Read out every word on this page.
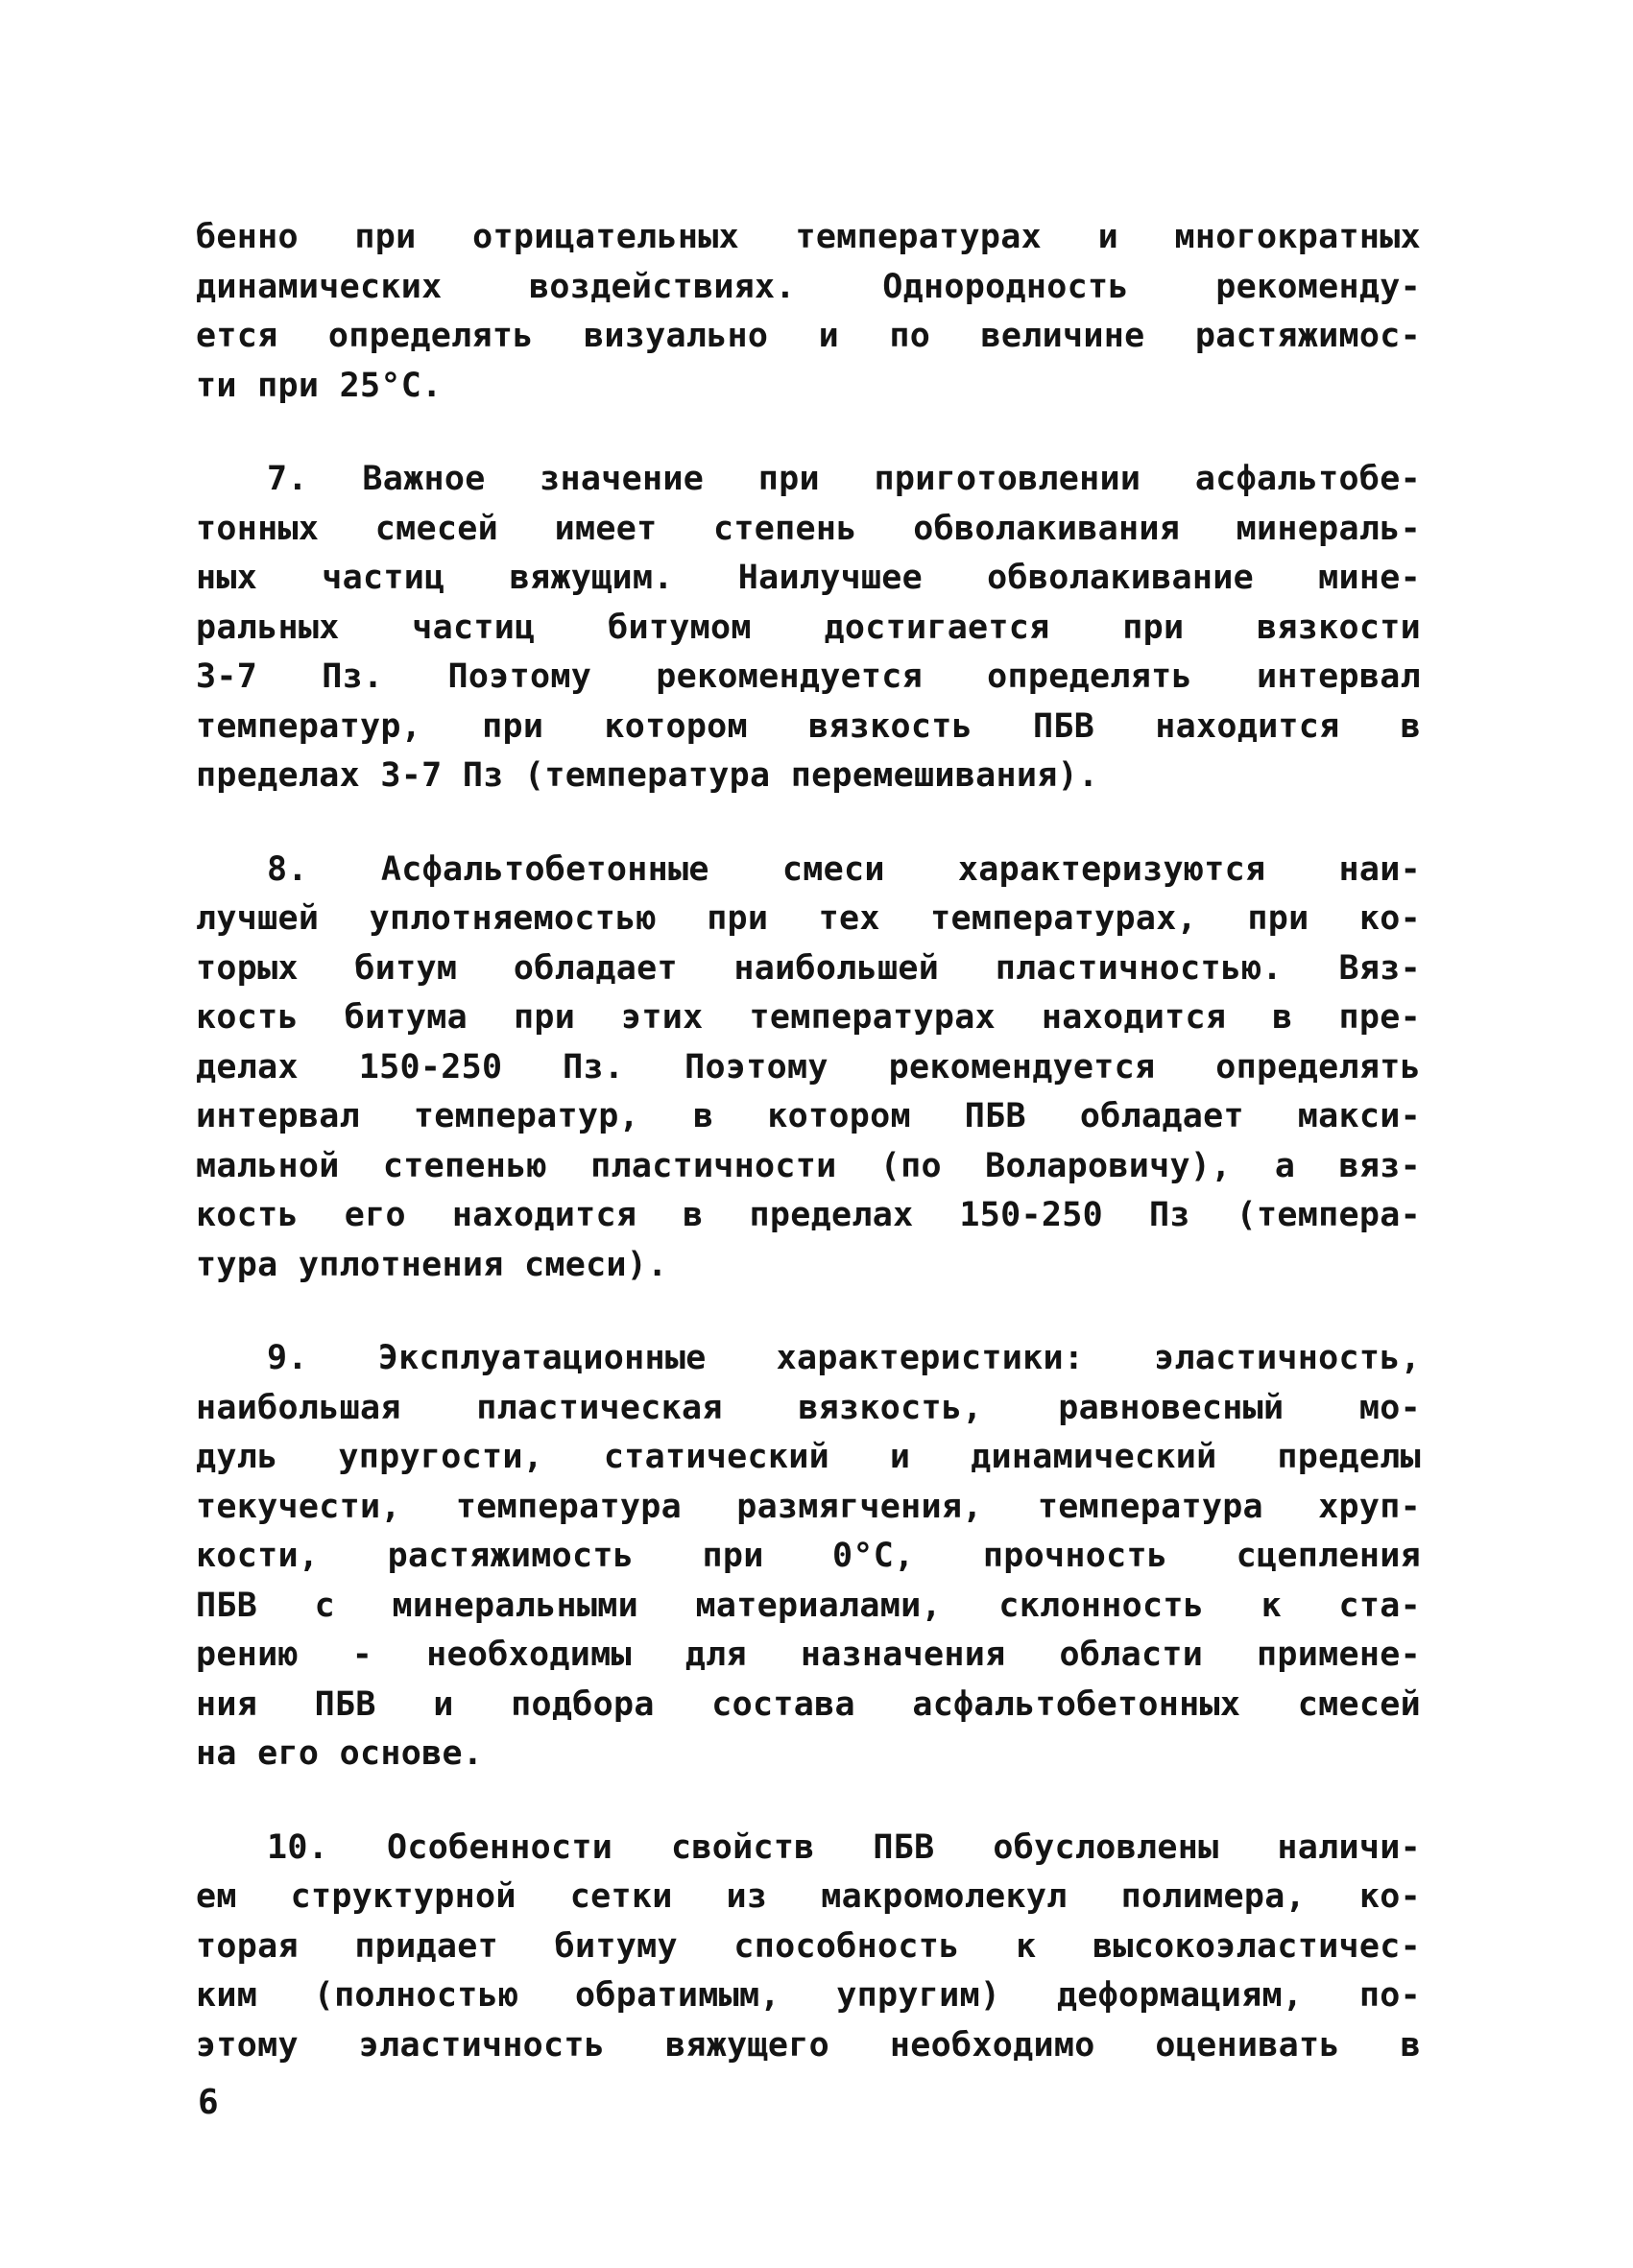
бенно при отрицательных температурах и многократных
динамических воздействиях. Однородность рекоменду-
ется определять визуально и по величине растяжимос-
ти при 25°С.

7. Важное значение при приготовлении асфальтобе-
тонных смесей имеет степень обволакивания минераль-
ных частиц вяжущим. Наилучшее обволакивание мине-
ральных частиц битумом достигается при вязкости
3-7 Пз. Поэтому рекомендуется определять интервал
температур, при котором вязкость ПБВ находится в
пределах 3-7 Пз (температура перемешивания).

8. Асфальтобетонные смеси характеризуются наи-
лучшей уплотняемостью при тех температурах, при ко-
торых битум обладает наибольшей пластичностью. Вяз-
кость битума при этих температурах находится в пре-
делах 150-250 Пз. Поэтому рекомендуется определять
интервал температур, в котором ПБВ обладает макси-
мальной степенью пластичности (по Воларовичу), а вяз-
кость его находится в пределах 150-250 Пз (темпера-
тура уплотнения смеси).

9. Эксплуатационные характеристики: эластичность,
наибольшая пластическая вязкость, равновесный мо-
дуль упругости, статический и динамический пределы
текучести, температура размягчения, температура хруп-
кости, растяжимость при 0°С, прочность сцепления
ПБВ с минеральными материалами, склонность к ста-
рению - необходимы для назначения области примене-
ния ПБВ и подбора состава асфальтобетонных смесей
на его основе.

10. Особенности свойств ПБВ обусловлены наличи-
ем структурной сетки из макромолекул полимера, ко-
торая придает битуму способность к высокоэластичес-
ким (полностью обратимым, упругим) деформациям, по-
этому эластичность вяжущего необходимо оценивать в

6
